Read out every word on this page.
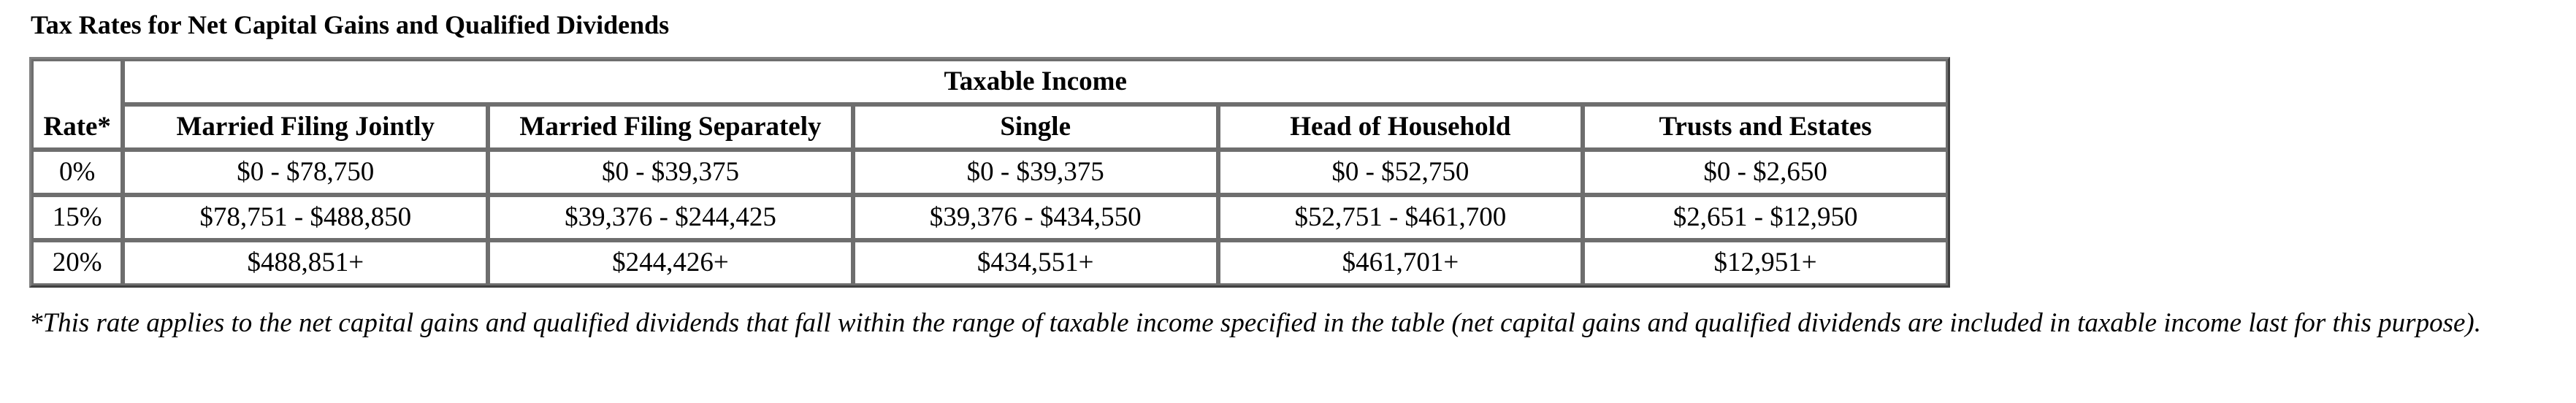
Tax Rates for Net Capital Gains and Qualified Dividends
Rate*	Taxable Income				
	Married Filing Jointly	Married Filing Separately	Single	Head of Household	Trusts and Estates
0%	$0 - $78,750	$0 - $39,375	$0 - $39,375	$0 - $52,750	$0 - $2,650
15%	$78,751 - $488,850	$39,376 - $244,425	$39,376 - $434,550	$52,751 - $461,700	$2,651 - $12,950
20%	$488,851+	$244,426+	$434,551+	$461,701+	$12,951+

*This rate applies to the net capital gains and qualified dividends that fall within the range of taxable income specified in the table (net capital gains and qualified dividends are included in taxable income last for this purpose).
